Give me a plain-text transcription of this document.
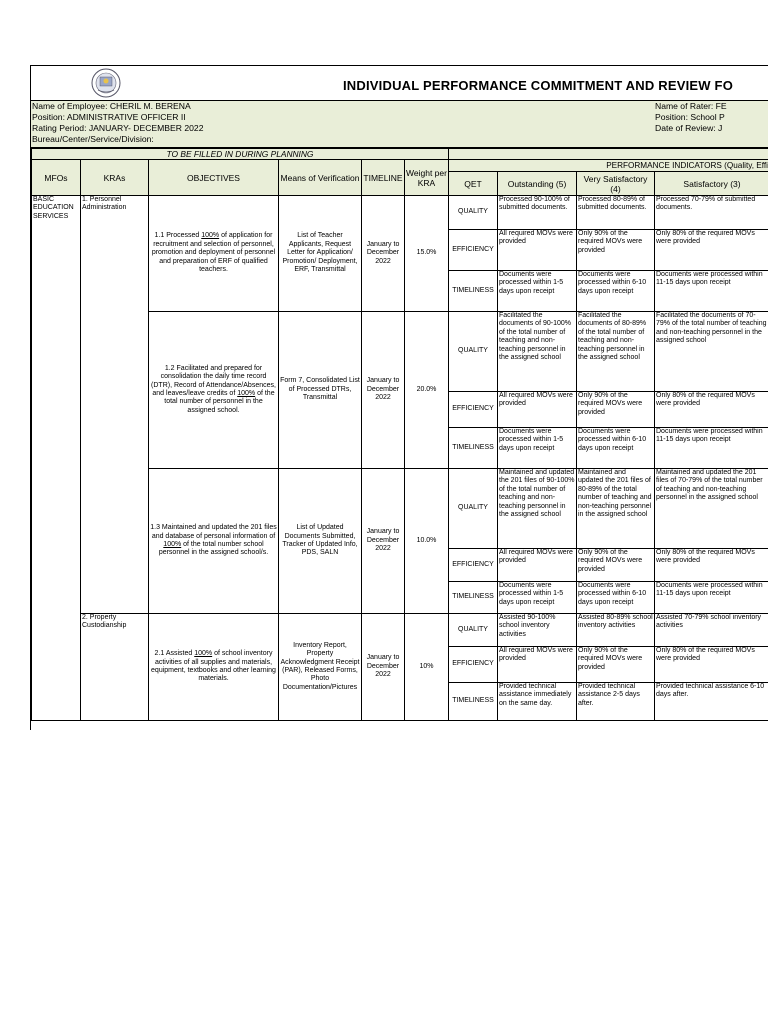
INDIVIDUAL PERFORMANCE COMMITMENT AND REVIEW FO
Name of Employee: CHERIL M. BERENA
Position: ADMINISTRATIVE OFFICER II
Rating Period: JANUARY- DECEMBER 2022
Bureau/Center/Service/Division:
Name of Rater: FE
Position: School P
Date of Review: J
TO BE FILLED IN DURING PLANNING									
MFOs	KRAs	OBJECTIVES	Means of Verification	TIMELINE	Weight per KRA	PERFORMANCE INDICATORS (Quality, Effi			
						QET	Outstanding (5)	Very Satisfactory (4)	Satisfactory (3)
BASIC EDUCATION SERVICES	1. Personnel Administration	1.1 Processed 100% of application for recruitment and selection of personnel, promotion and deployment of personnel and preparation of ERF of qualified teachers.	List of Teacher Applicants, Request Letter for Application/ Promotion/ Deployment, ERF, Transmittal	January to December 2022	15.0%	QUALITY	Processed 90-100% of submitted documents.	Processed 80-89% of submitted documents.	Processed 70-79% of submitted documents.
						EFFICIENCY	All required MOVs were provided	Only 90% of the required MOVs were provided	Only 80% of the required MOVs were provided
						TIMELINESS	Documents were processed within 1-5 days upon receipt	Documents were processed within 6-10 days upon receipt	Documents were processed within 11-15 days upon receipt
		1.2 Facilitated and prepared for consolidation the daily time record (DTR), Record of Attendance/Absences, and leaves/leave credits of 100% of the total number of personnel in the assigned school.	Form 7, Consolidated List of Processed DTRs, Transmittal	January to December 2022	20.0%	QUALITY	Facilitated the documents of 90-100% of the total number of teaching and non-teaching personnel in the assigned school	Facilitated the documents of 80-89% of the total number of teaching and non-teaching personnel in the assigned school	Facilitated the documents of 70-79% of the total number of teaching and non-teaching personnel in the assigned school
						EFFICIENCY	All required MOVs were provided	Only 90% of the required MOVs were provided	Only 80% of the required MOVs were provided
						TIMELINESS	Documents were processed within 1-5 days upon receipt	Documents were processed within 6-10 days upon receipt	Documents were processed within 11-15 days upon receipt
		1.3 Maintained and updated the 201 files and database of personal information of 100% of the total number school personnel in the assigned school/s.	List of Updated Documents Submitted, Tracker of Updated Info, PDS, SALN	January to December 2022	10.0%	QUALITY	Maintained and updated the 201 files of 90-100% of the total number of teaching and non-teaching personnel in the assigned school	Maintained and updated the 201 files of 80-89% of the total number of teaching and non-teaching personnel in the assigned school	Maintained and updated the 201 files of 70-79% of the total number of teaching and non-teaching personnel in the assigned school
						EFFICIENCY	All required MOVs were provided	Only 90% of the required MOVs were provided	Only 80% of the required MOVs were provided
						TIMELINESS	Documents were processed within 1-5 days upon receipt	Documents were processed within 6-10 days upon receipt	Documents were processed within 11-15 days upon receipt
	2. Property Custodianship	2.1 Assisted 100% of school inventory activities of all supplies and materials, equipment, textbooks and other learning materials.	Inventory Report, Property Acknowledgment Receipt (PAR), Released Forms, Photo Documentation/Pictures	January to December 2022	10%	QUALITY	Assisted 90-100% school inventory activities	Assisted 80-89% school inventory activities	Assisted 70-79% school inventory activities
						EFFICIENCY	All required MOVs were provided	Only 90% of the required MOVs were provided	Only 80% of the required MOVs were provided
						TIMELINESS	Provided technical assistance immediately on the same day.	Provided technical assistance 2-5 days after.	Provided technical assistance 6-10 days after.
